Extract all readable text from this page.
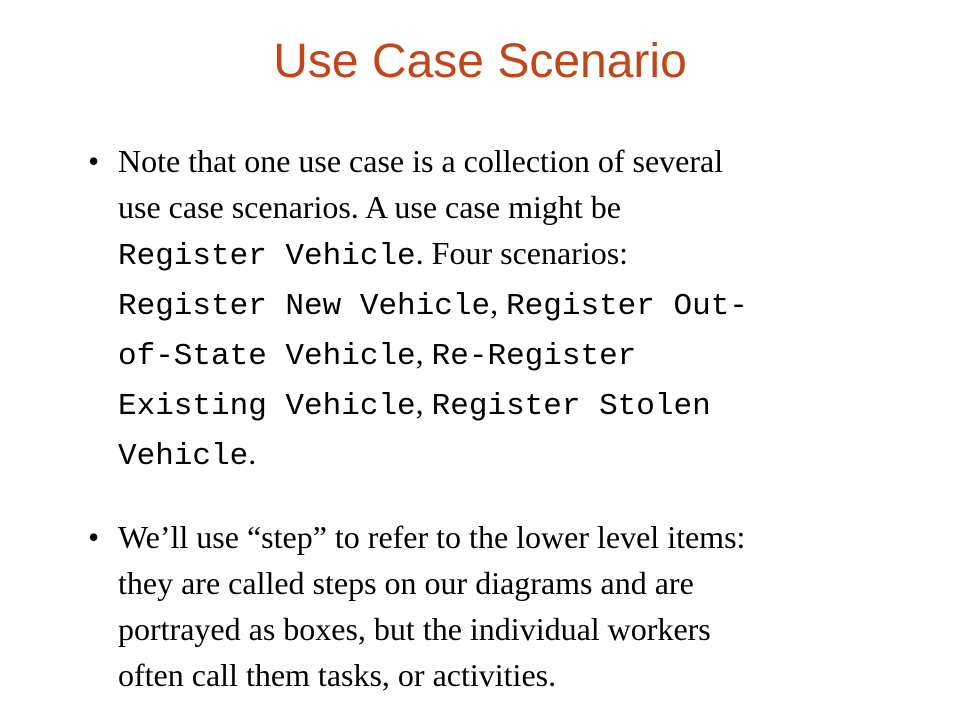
Use Case Scenario
• Note that one use case is a collection of several
use case scenarios. A use case might be
Register Vehicle. Four scenarios:
Register New Vehicle, Register Out-
of-State Vehicle, Re-Register
Existing Vehicle, Register Stolen
Vehicle.
• We’ll use “step” to refer to the lower level items:
they are called steps on our diagrams and are
portrayed as boxes, but the individual workers
often call them tasks, or activities.
